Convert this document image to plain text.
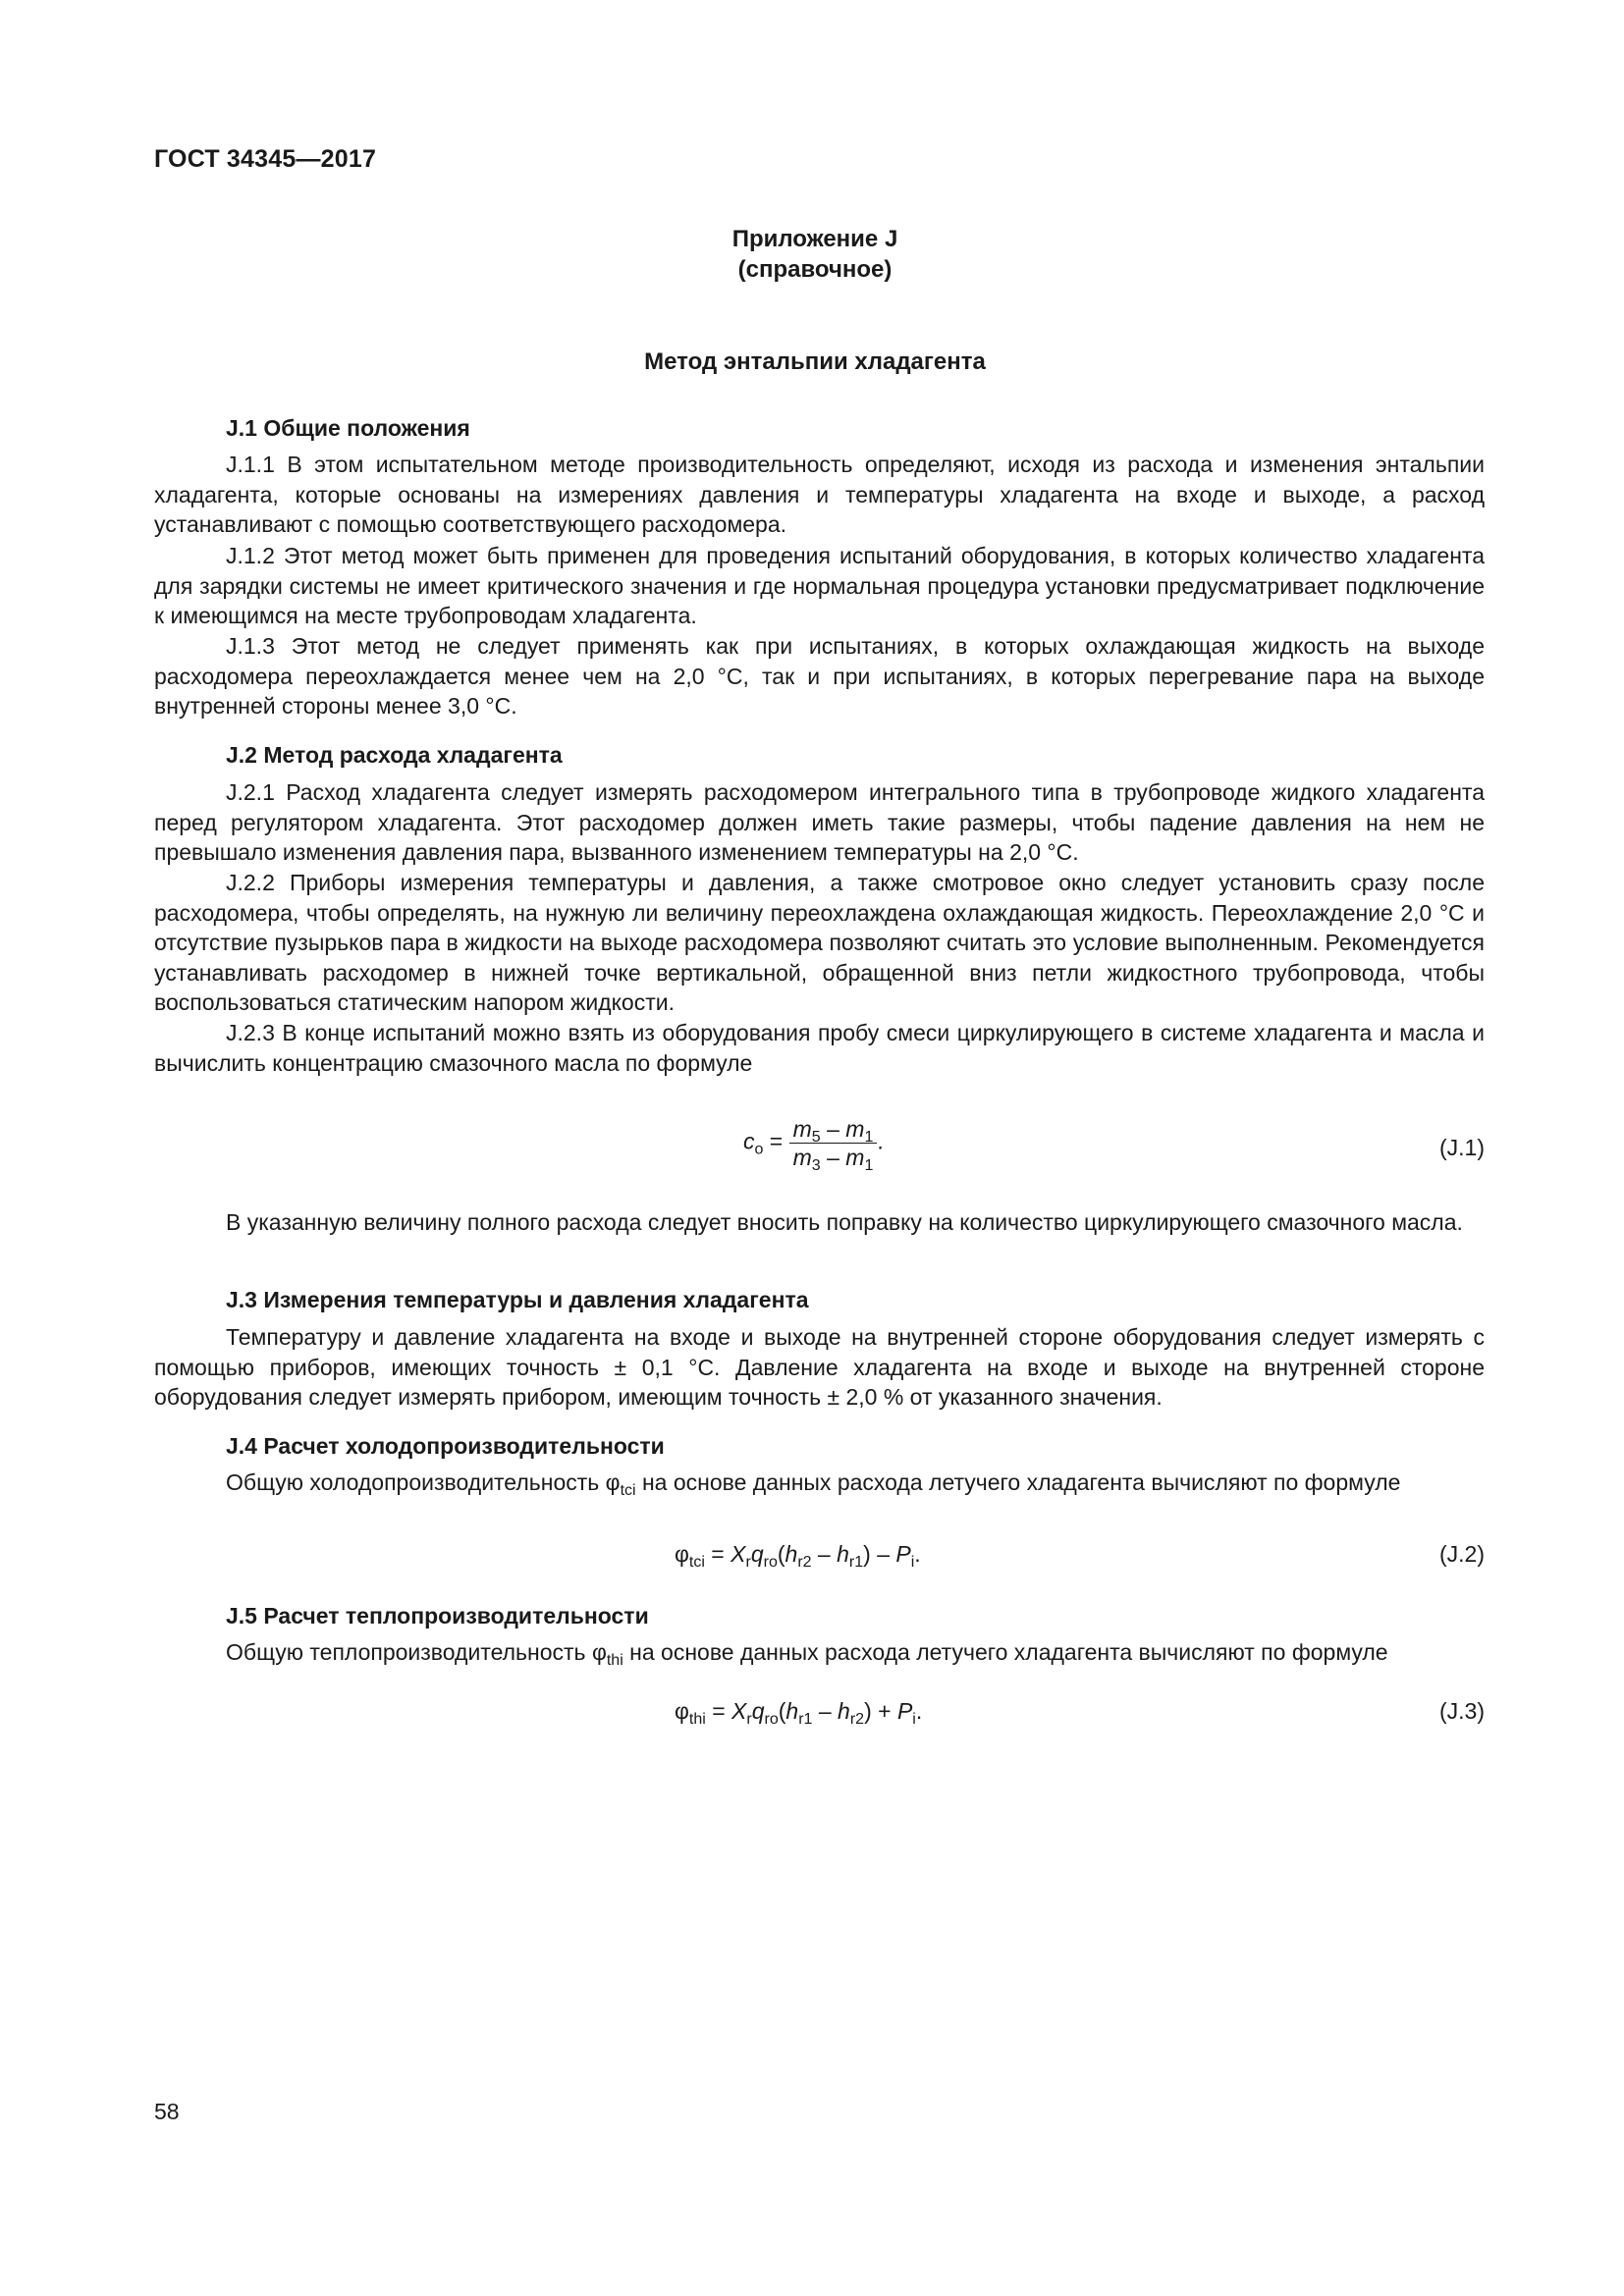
ГОСТ 34345—2017
Приложение J
(справочное)
Метод энтальпии хладагента
J.1 Общие положения
J.1.1 В этом испытательном методе производительность определяют, исходя из расхода и изменения энтальпии хладагента, которые основаны на измерениях давления и температуры хладагента на входе и выходе, а расход устанавливают с помощью соответствующего расходомера.
J.1.2 Этот метод может быть применен для проведения испытаний оборудования, в которых количество хладагента для зарядки системы не имеет критического значения и где нормальная процедура установки предусматривает подключение к имеющимся на месте трубопроводам хладагента.
J.1.3 Этот метод не следует применять как при испытаниях, в которых охлаждающая жидкость на выходе расходомера переохлаждается менее чем на 2,0 °С, так и при испытаниях, в которых перегревание пара на выходе внутренней стороны менее 3,0 °С.
J.2 Метод расхода хладагента
J.2.1 Расход хладагента следует измерять расходомером интегрального типа в трубопроводе жидкого хладагента перед регулятором хладагента. Этот расходомер должен иметь такие размеры, чтобы падение давления на нем не превышало изменения давления пара, вызванного изменением температуры на 2,0 °С.
J.2.2 Приборы измерения температуры и давления, а также смотровое окно следует установить сразу после расходомера, чтобы определять, на нужную ли величину переохлаждена охлаждающая жидкость. Переохлаждение 2,0 °С и отсутствие пузырьков пара в жидкости на выходе расходомера позволяют считать это условие выполненным. Рекомендуется устанавливать расходомер в нижней точке вертикальной, обращенной вниз петли жидкостного трубопровода, чтобы воспользоваться статическим напором жидкости.
J.2.3 В конце испытаний можно взять из оборудования пробу смеси циркулирующего в системе хладагента и масла и вычислить концентрацию смазочного масла по формуле
$c_o = \frac{m_5 - m_1}{m_3 - m_1}$ .	(J.1)
В указанную величину полного расхода следует вносить поправку на количество циркулирующего смазочного масла.
J.3 Измерения температуры и давления хладагента
Температуру и давление хладагента на входе и выходе на внутренней стороне оборудования следует измерять с помощью приборов, имеющих точность ± 0,1 °С. Давление хладагента на входе и выходе на внутренней стороне оборудования следует измерять прибором, имеющим точность ± 2,0 % от указанного значения.
J.4 Расчет холодопроизводительности
Общую холодопроизводительность $\varphi_{tci}$ на основе данных расхода летучего хладагента вычисляют по формуле
$\varphi_{tci} = X_rq_{ro}(h_{r2} - h_{r1}) - P_i$.	(J.2)
J.5 Расчет теплопроизводительности
Общую теплопроизводительность $\varphi_{thi}$ на основе данных расхода летучего хладагента вычисляют по формуле
$\varphi_{thi} = X_rq_{ro}(h_{r1} - h_{r2}) + P_i$.	(J.3)
58
